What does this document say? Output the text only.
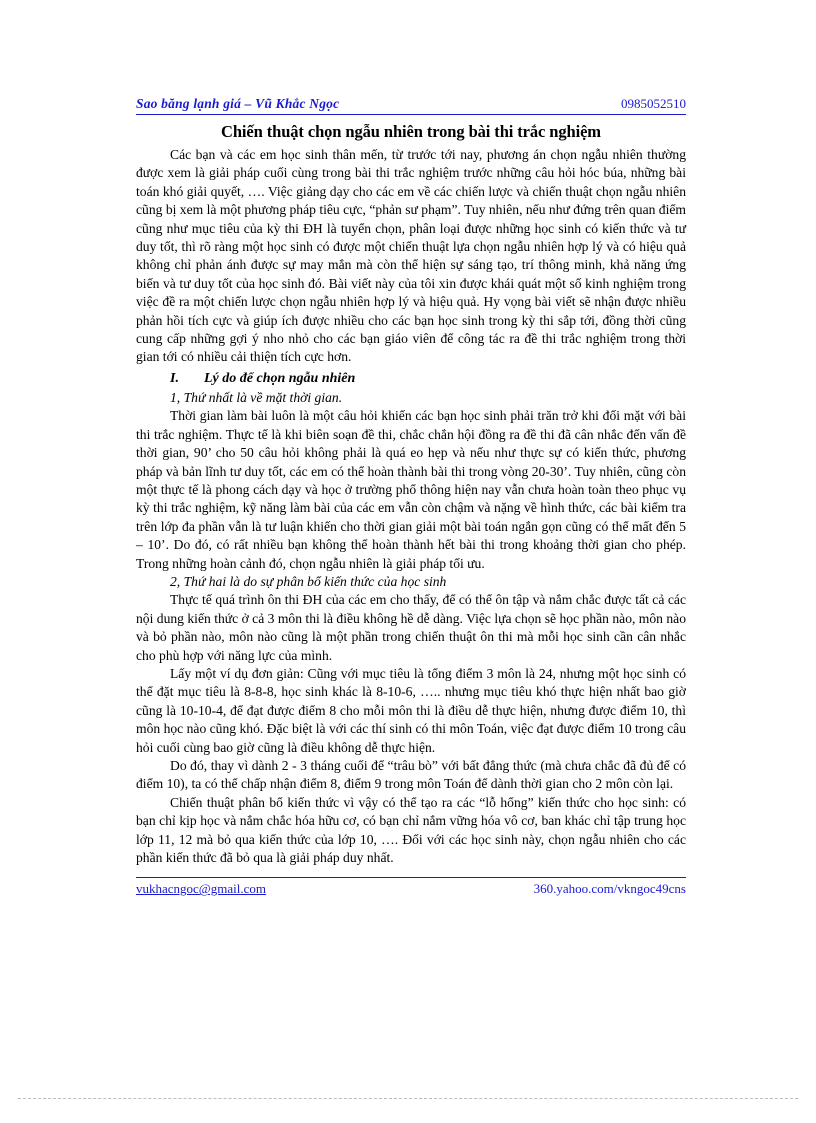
Sao băng lạnh giá – Vũ Khắc Ngọc	0985052510
Chiến thuật chọn ngẫu nhiên trong bài thi trắc nghiệm

Các bạn và các em học sinh thân mến, từ trước tới nay, phương án chọn ngẫu nhiên thường được xem là giải pháp cuối cùng trong bài thi trắc nghiệm trước những câu hỏi hóc búa, những bài toán khó giải quyết, …. Việc giảng dạy cho các em về các chiến lược và chiến thuật chọn ngẫu nhiên cũng bị xem là một phương pháp tiêu cực, “phản sư phạm”. Tuy nhiên, nếu như đứng trên quan điểm cũng như mục tiêu của kỳ thi ĐH là tuyển chọn, phân loại được những học sinh có kiến thức và tư duy tốt, thì rõ ràng một học sinh có được một chiến thuật lựa chọn ngẫu nhiên hợp lý và có hiệu quả không chỉ phản ánh được sự may mắn mà còn thể hiện sự sáng tạo, trí thông minh, khả năng ứng biến và tư duy tốt của học sinh đó. Bài viết này của tôi xin được khái quát một số kinh nghiệm trong việc đề ra một chiến lược chọn ngẫu nhiên hợp lý và hiệu quả. Hy vọng bài viết sẽ nhận được nhiều phản hồi tích cực và giúp ích được nhiều cho các bạn học sinh trong kỳ thi sắp tới, đồng thời cũng cung cấp những gợi ý nho nhỏ cho các bạn giáo viên để công tác ra đề thi trắc nghiệm trong thời gian tới có nhiều cải thiện tích cực hơn.

I.	Lý do để chọn ngẫu nhiên

1, Thứ nhất là về mặt thời gian.

Thời gian làm bài luôn là một câu hỏi khiến các bạn học sinh phải trăn trở khi đối mặt với bài thi trắc nghiệm. Thực tế là khi biên soạn đề thi, chắc chắn hội đồng ra đề thi đã cân nhắc đến vấn đề thời gian, 90’ cho 50 câu hỏi không phải là quá eo hẹp và nếu như thực sự có kiến thức, phương pháp và bản lĩnh tư duy tốt, các em có thể hoàn thành bài thi trong vòng 20-30’. Tuy nhiên, cũng còn một thực tế là phong cách dạy và học ở trường phổ thông hiện nay vẫn chưa hoàn toàn theo phục vụ kỳ thi trắc nghiệm, kỹ năng làm bài của các em vẫn còn chậm và nặng về hình thức, các bài kiểm tra trên lớp đa phần vẫn là tư luận khiến cho thời gian giải một bài toán ngắn gọn cũng có thể mất đến 5 – 10’. Do đó, có rất nhiều bạn không thể hoàn thành hết bài thi trong khoảng thời gian cho phép. Trong những hoàn cảnh đó, chọn ngẫu nhiên là giải pháp tối ưu.

2, Thứ hai là do sự phân bổ kiến thức của học sinh

Thực tế quá trình ôn thi ĐH của các em cho thấy, để có thể ôn tập và nắm chắc được tất cả các nội dung kiến thức ở cả 3 môn thi là điều không hề dễ dàng. Việc lựa chọn sẽ học phần nào, môn nào và bỏ phần nào, môn nào cũng là một phần trong chiến thuật ôn thi mà mỗi học sinh cần cân nhắc cho phù hợp với năng lực của mình.

Lấy một ví dụ đơn giản: Cũng với mục tiêu là tổng điểm 3 môn là 24, nhưng một học sinh có thể đặt mục tiêu là 8-8-8, học sinh khác là 8-10-6, ….. nhưng mục tiêu khó thực hiện nhất bao giờ cũng là 10-10-4, để đạt được điểm 8 cho mỗi môn thi là điều dễ thực hiện, nhưng được điểm 10, thì môn học nào cũng khó. Đặc biệt là với các thí sinh có thi môn Toán, việc đạt được điểm 10 trong câu hỏi cuối cùng bao giờ cũng là điều không dễ thực hiện.

Do đó, thay vì dành 2 - 3 tháng cuối để “trâu bò” với bất đẳng thức (mà chưa chắc đã đủ để có điểm 10), ta có thể chấp nhận điểm 8, điểm 9 trong môn Toán để dành thời gian cho 2 môn còn lại.

Chiến thuật phân bổ kiến thức vì vậy có thể tạo ra các “lỗ hổng” kiến thức cho học sinh: có bạn chỉ kịp học và nắm chắc hóa hữu cơ, có bạn chỉ nắm vững hóa vô cơ, ban khác chỉ tập trung học lớp 11, 12 mà bỏ qua kiến thức của lớp 10, …. Đối với các học sinh này, chọn ngẫu nhiên cho các phần kiến thức đã bỏ qua là giải pháp duy nhất.

vukhacngoc@gmail.com	360.yahoo.com/vkngoc49cns
